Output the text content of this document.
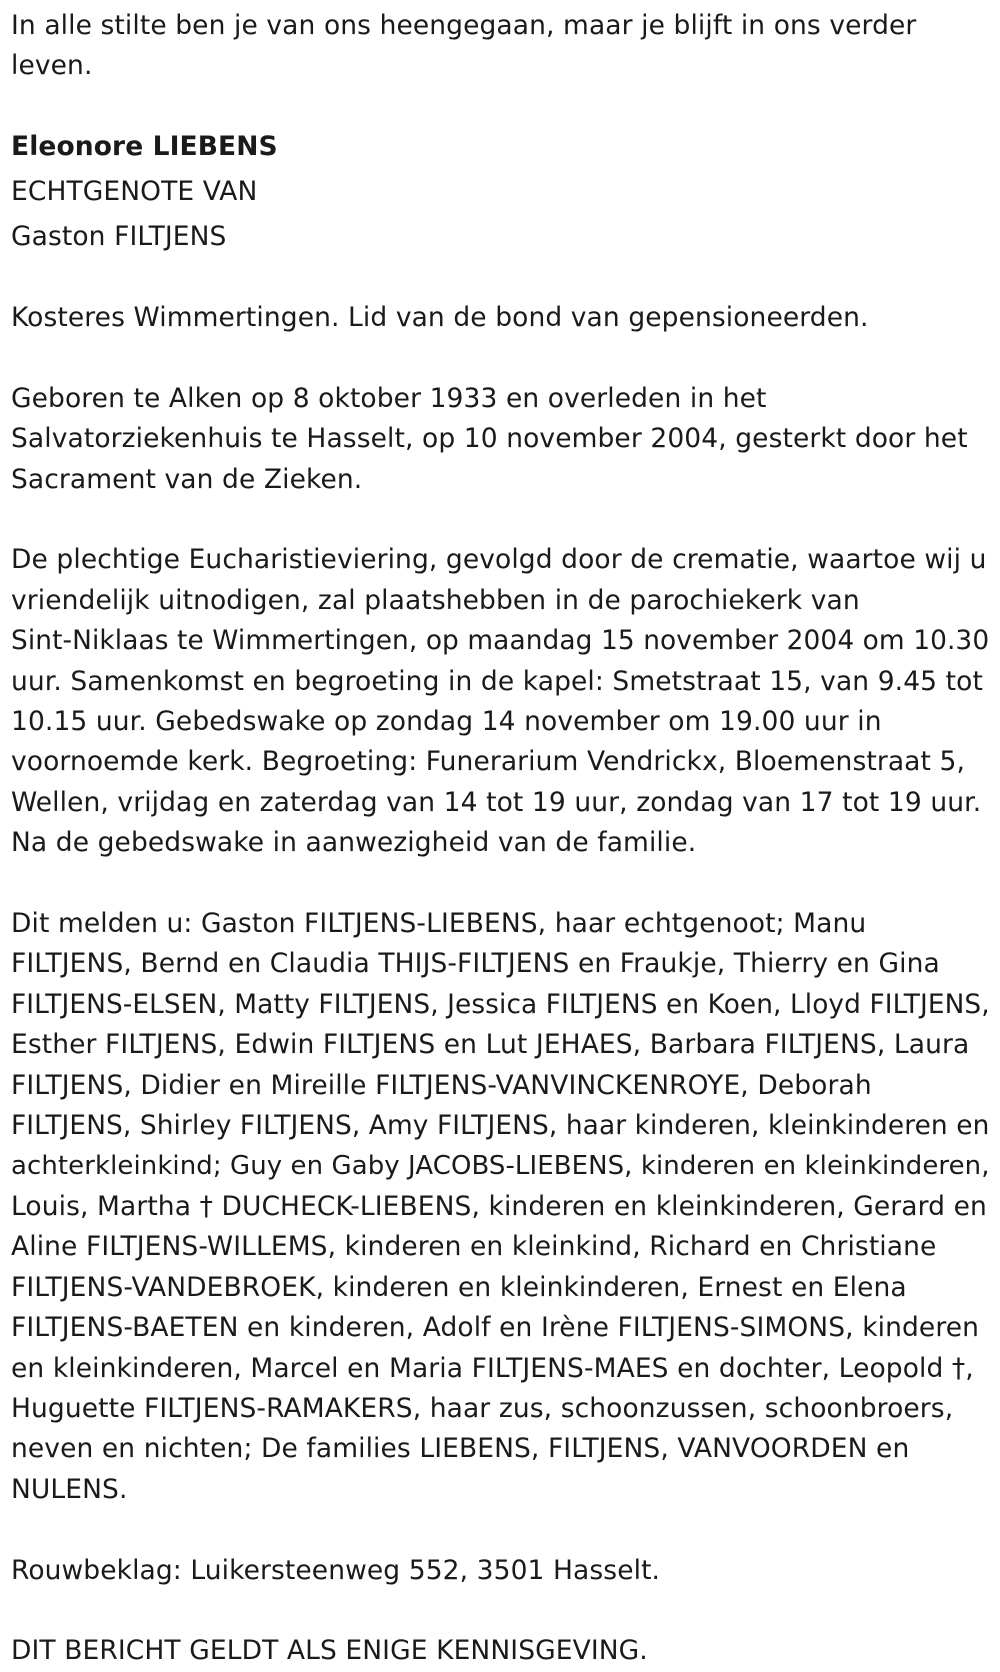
In alle stilte ben je van ons heengegaan, maar je blijft in ons verder
leven.
Eleonore LIEBENS
ECHTGENOTE VAN
Gaston FILTJENS
Kosteres Wimmertingen. Lid van de bond van gepensioneerden.
Geboren te Alken op 8 oktober 1933 en overleden in het
Salvatorziekenhuis te Hasselt, op 10 november 2004, gesterkt door het
Sacrament van de Zieken.
De plechtige Eucharistieviering, gevolgd door de crematie, waartoe wij u
vriendelijk uitnodigen, zal plaatshebben in de parochiekerk van
Sint-Niklaas te Wimmertingen, op maandag 15 november 2004 om 10.30
uur. Samenkomst en begroeting in de kapel: Smetstraat 15, van 9.45 tot
10.15 uur. Gebedswake op zondag 14 november om 19.00 uur in
voornoemde kerk. Begroeting: Funerarium Vendrickx, Bloemenstraat 5,
Wellen, vrijdag en zaterdag van 14 tot 19 uur, zondag van 17 tot 19 uur.
Na de gebedswake in aanwezigheid van de familie.
Dit melden u: Gaston FILTJENS-LIEBENS, haar echtgenoot; Manu
FILTJENS, Bernd en Claudia THIJS-FILTJENS en Fraukje, Thierry en Gina
FILTJENS-ELSEN, Matty FILTJENS, Jessica FILTJENS en Koen, Lloyd FILTJENS,
Esther FILTJENS, Edwin FILTJENS en Lut JEHAES, Barbara FILTJENS, Laura
FILTJENS, Didier en Mireille FILTJENS-VANVINCKENROYE, Deborah
FILTJENS, Shirley FILTJENS, Amy FILTJENS, haar kinderen, kleinkinderen en
achterkleinkind; Guy en Gaby JACOBS-LIEBENS, kinderen en kleinkinderen,
Louis, Martha † DUCHECK-LIEBENS, kinderen en kleinkinderen, Gerard en
Aline FILTJENS-WILLEMS, kinderen en kleinkind, Richard en Christiane
FILTJENS-VANDEBROEK, kinderen en kleinkinderen, Ernest en Elena
FILTJENS-BAETEN en kinderen, Adolf en Irène FILTJENS-SIMONS, kinderen
en kleinkinderen, Marcel en Maria FILTJENS-MAES en dochter, Leopold †,
Huguette FILTJENS-RAMAKERS, haar zus, schoonzussen, schoonbroers,
neven en nichten; De families LIEBENS, FILTJENS, VANVOORDEN en
NULENS.
Rouwbeklag: Luikersteenweg 552, 3501 Hasselt.
DIT BERICHT GELDT ALS ENIGE KENNISGEVING.
